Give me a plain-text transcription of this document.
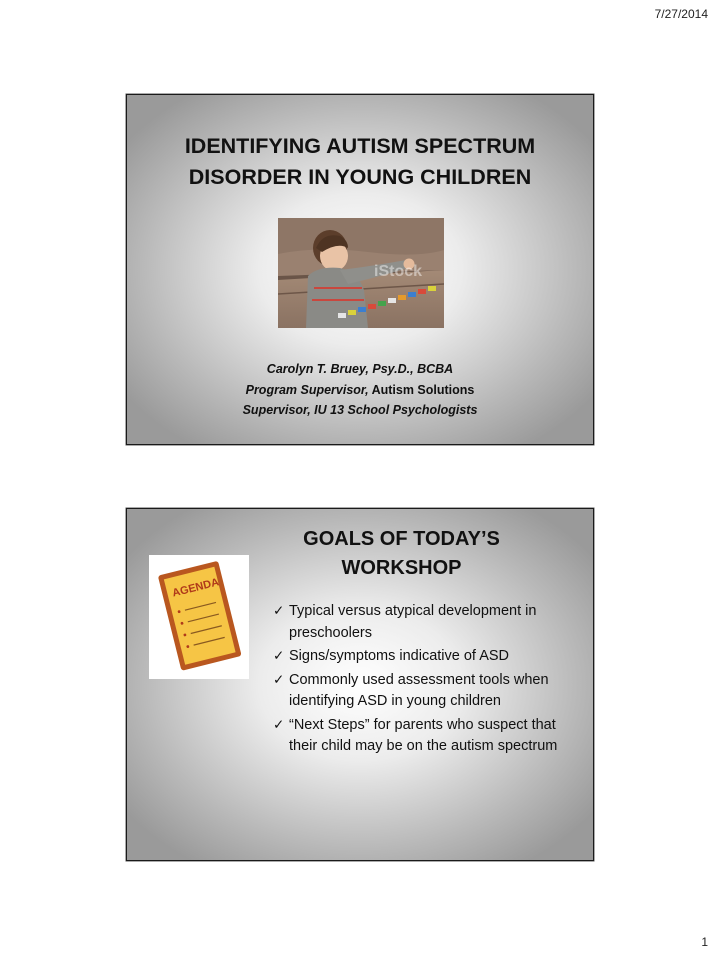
7/27/2014
IDENTIFYING AUTISM SPECTRUM
DISORDER IN YOUNG CHILDREN
iStock
Carolyn T. Bruey, Psy.D., BCBA
Program Supervisor, Autism Solutions
Supervisor, IU 13 School Psychologists
GOALS OF TODAY’S
WORKSHOP
AGENDA
✓ Typical versus atypical development in preschoolers
✓ Signs/symptoms indicative of ASD
✓ Commonly used assessment tools when identifying ASD in young children
✓ “Next Steps” for parents who suspect that their child may be on the autism spectrum
1
